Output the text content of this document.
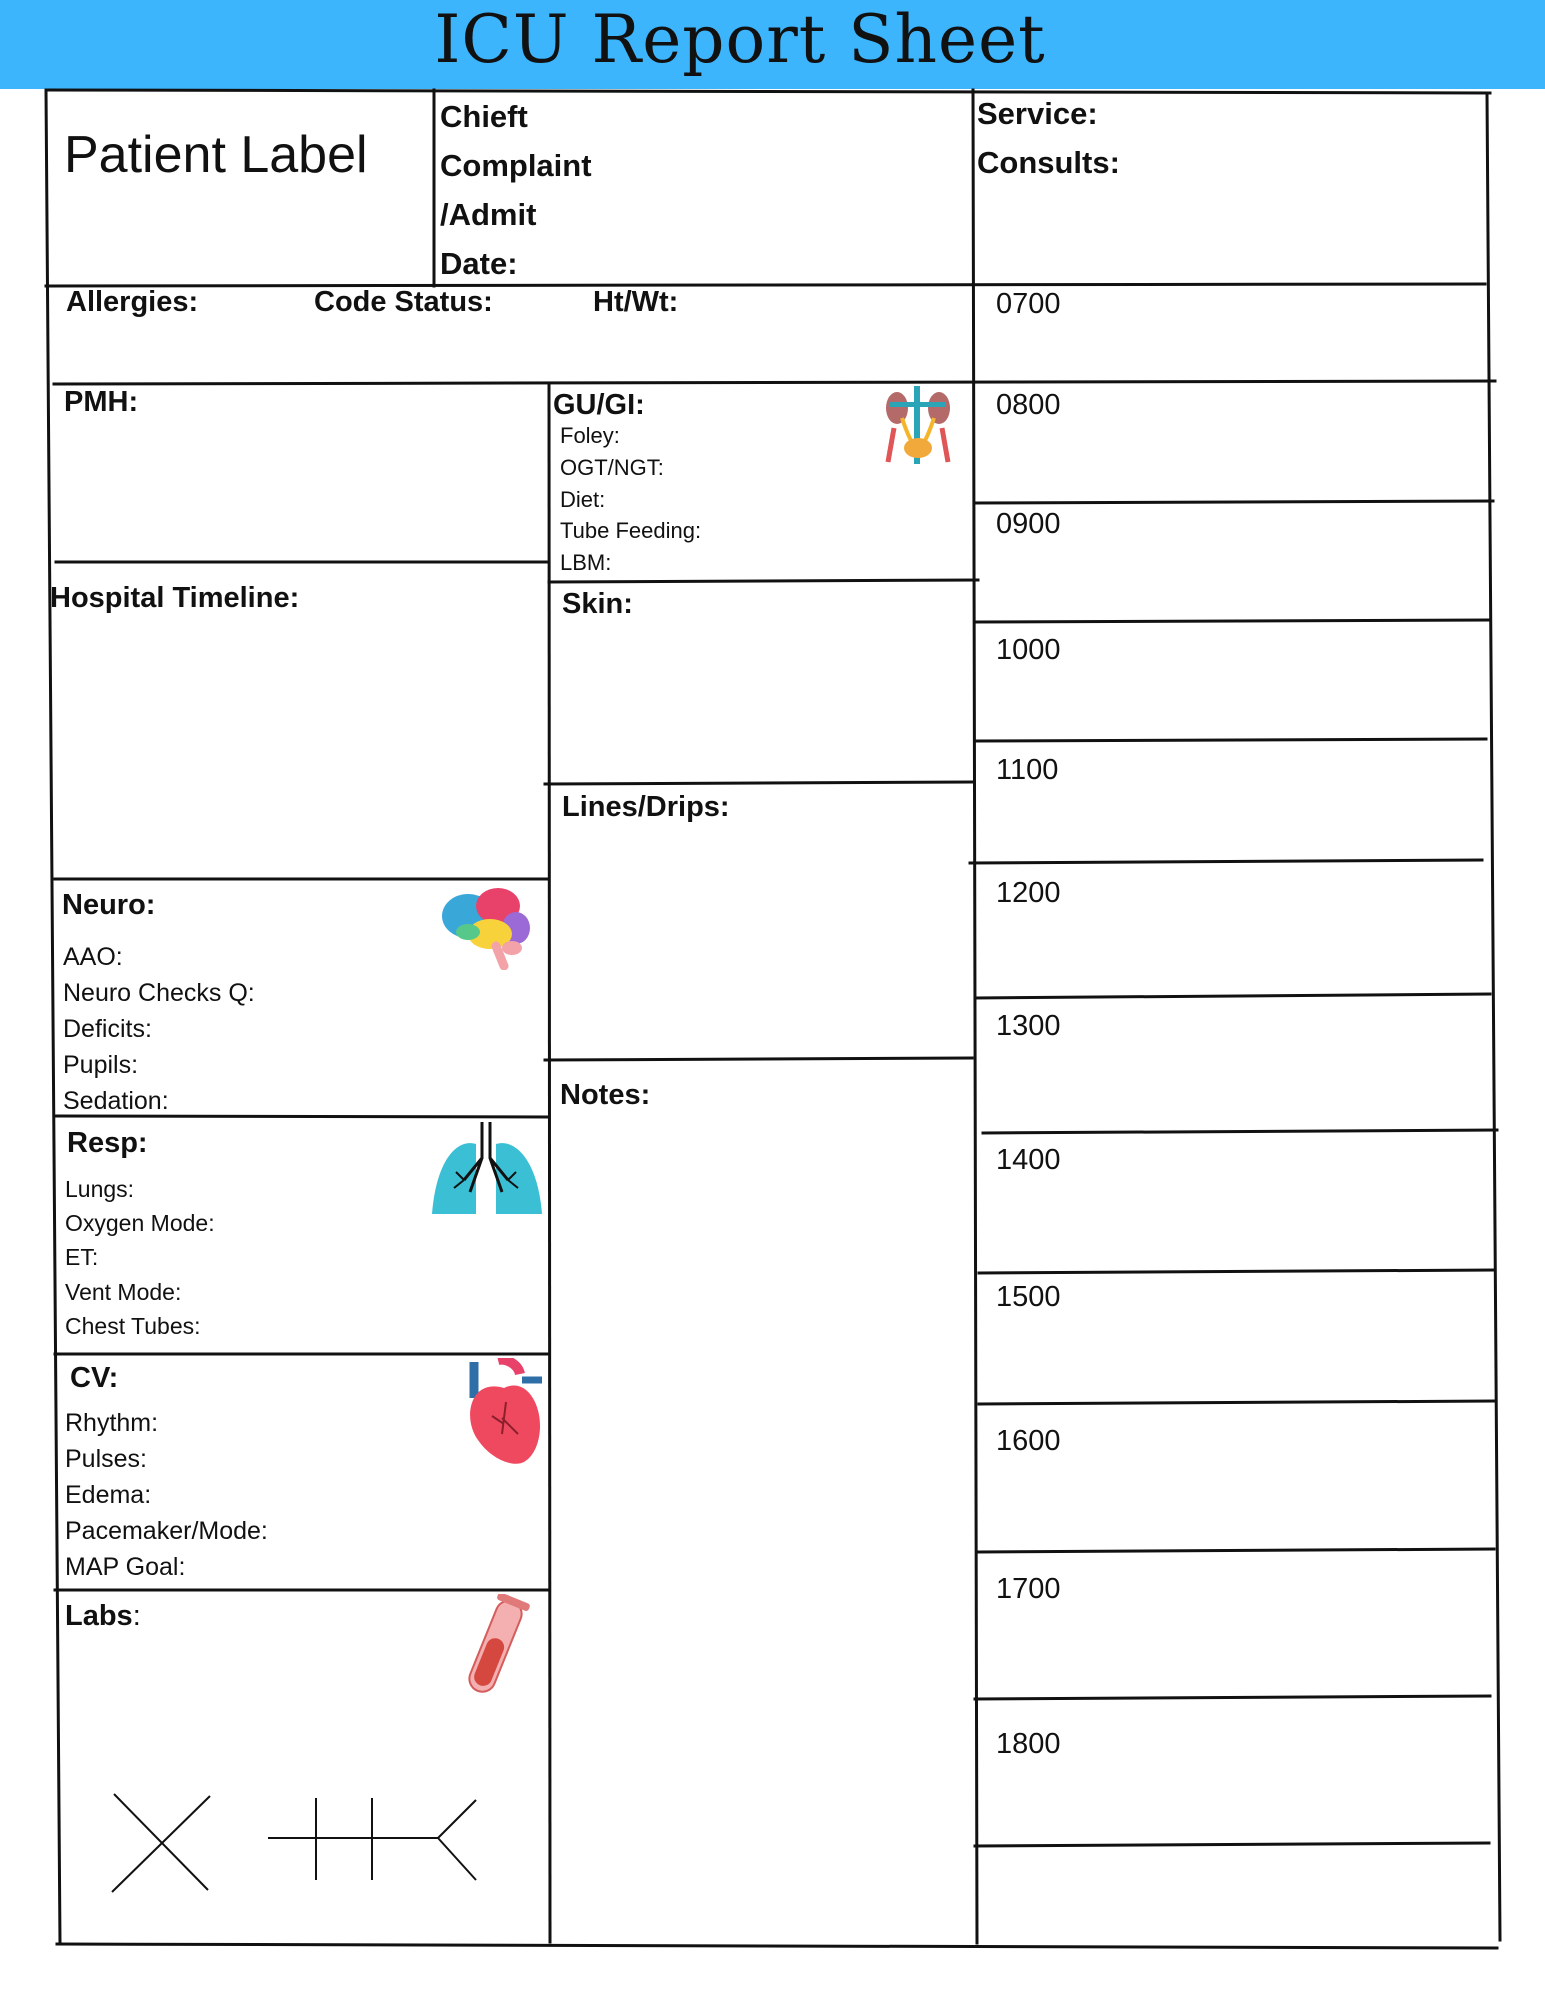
ICU Report Sheet
Patient Label
Chieft
Complaint
/Admit
Date:
Service:
Consults:
Allergies:	Code Status:	Ht/Wt:
PMH:
Hospital Timeline:
Neuro:
AAO:
Neuro Checks Q:
Deficits:
Pupils:
Sedation:
Resp:
Lungs:
Oxygen Mode:
ET:
Vent Mode:
Chest Tubes:
CV:
Rhythm:
Pulses:
Edema:
Pacemaker/Mode:
MAP Goal:
Labs:
GU/GI:
Foley:
OGT/NGT:
Diet:
Tube Feeding:
LBM:
Skin:
Lines/Drips:
Notes:
0700
0800
0900
1000
1100
1200
1300
1400
1500
1600
1700
1800
